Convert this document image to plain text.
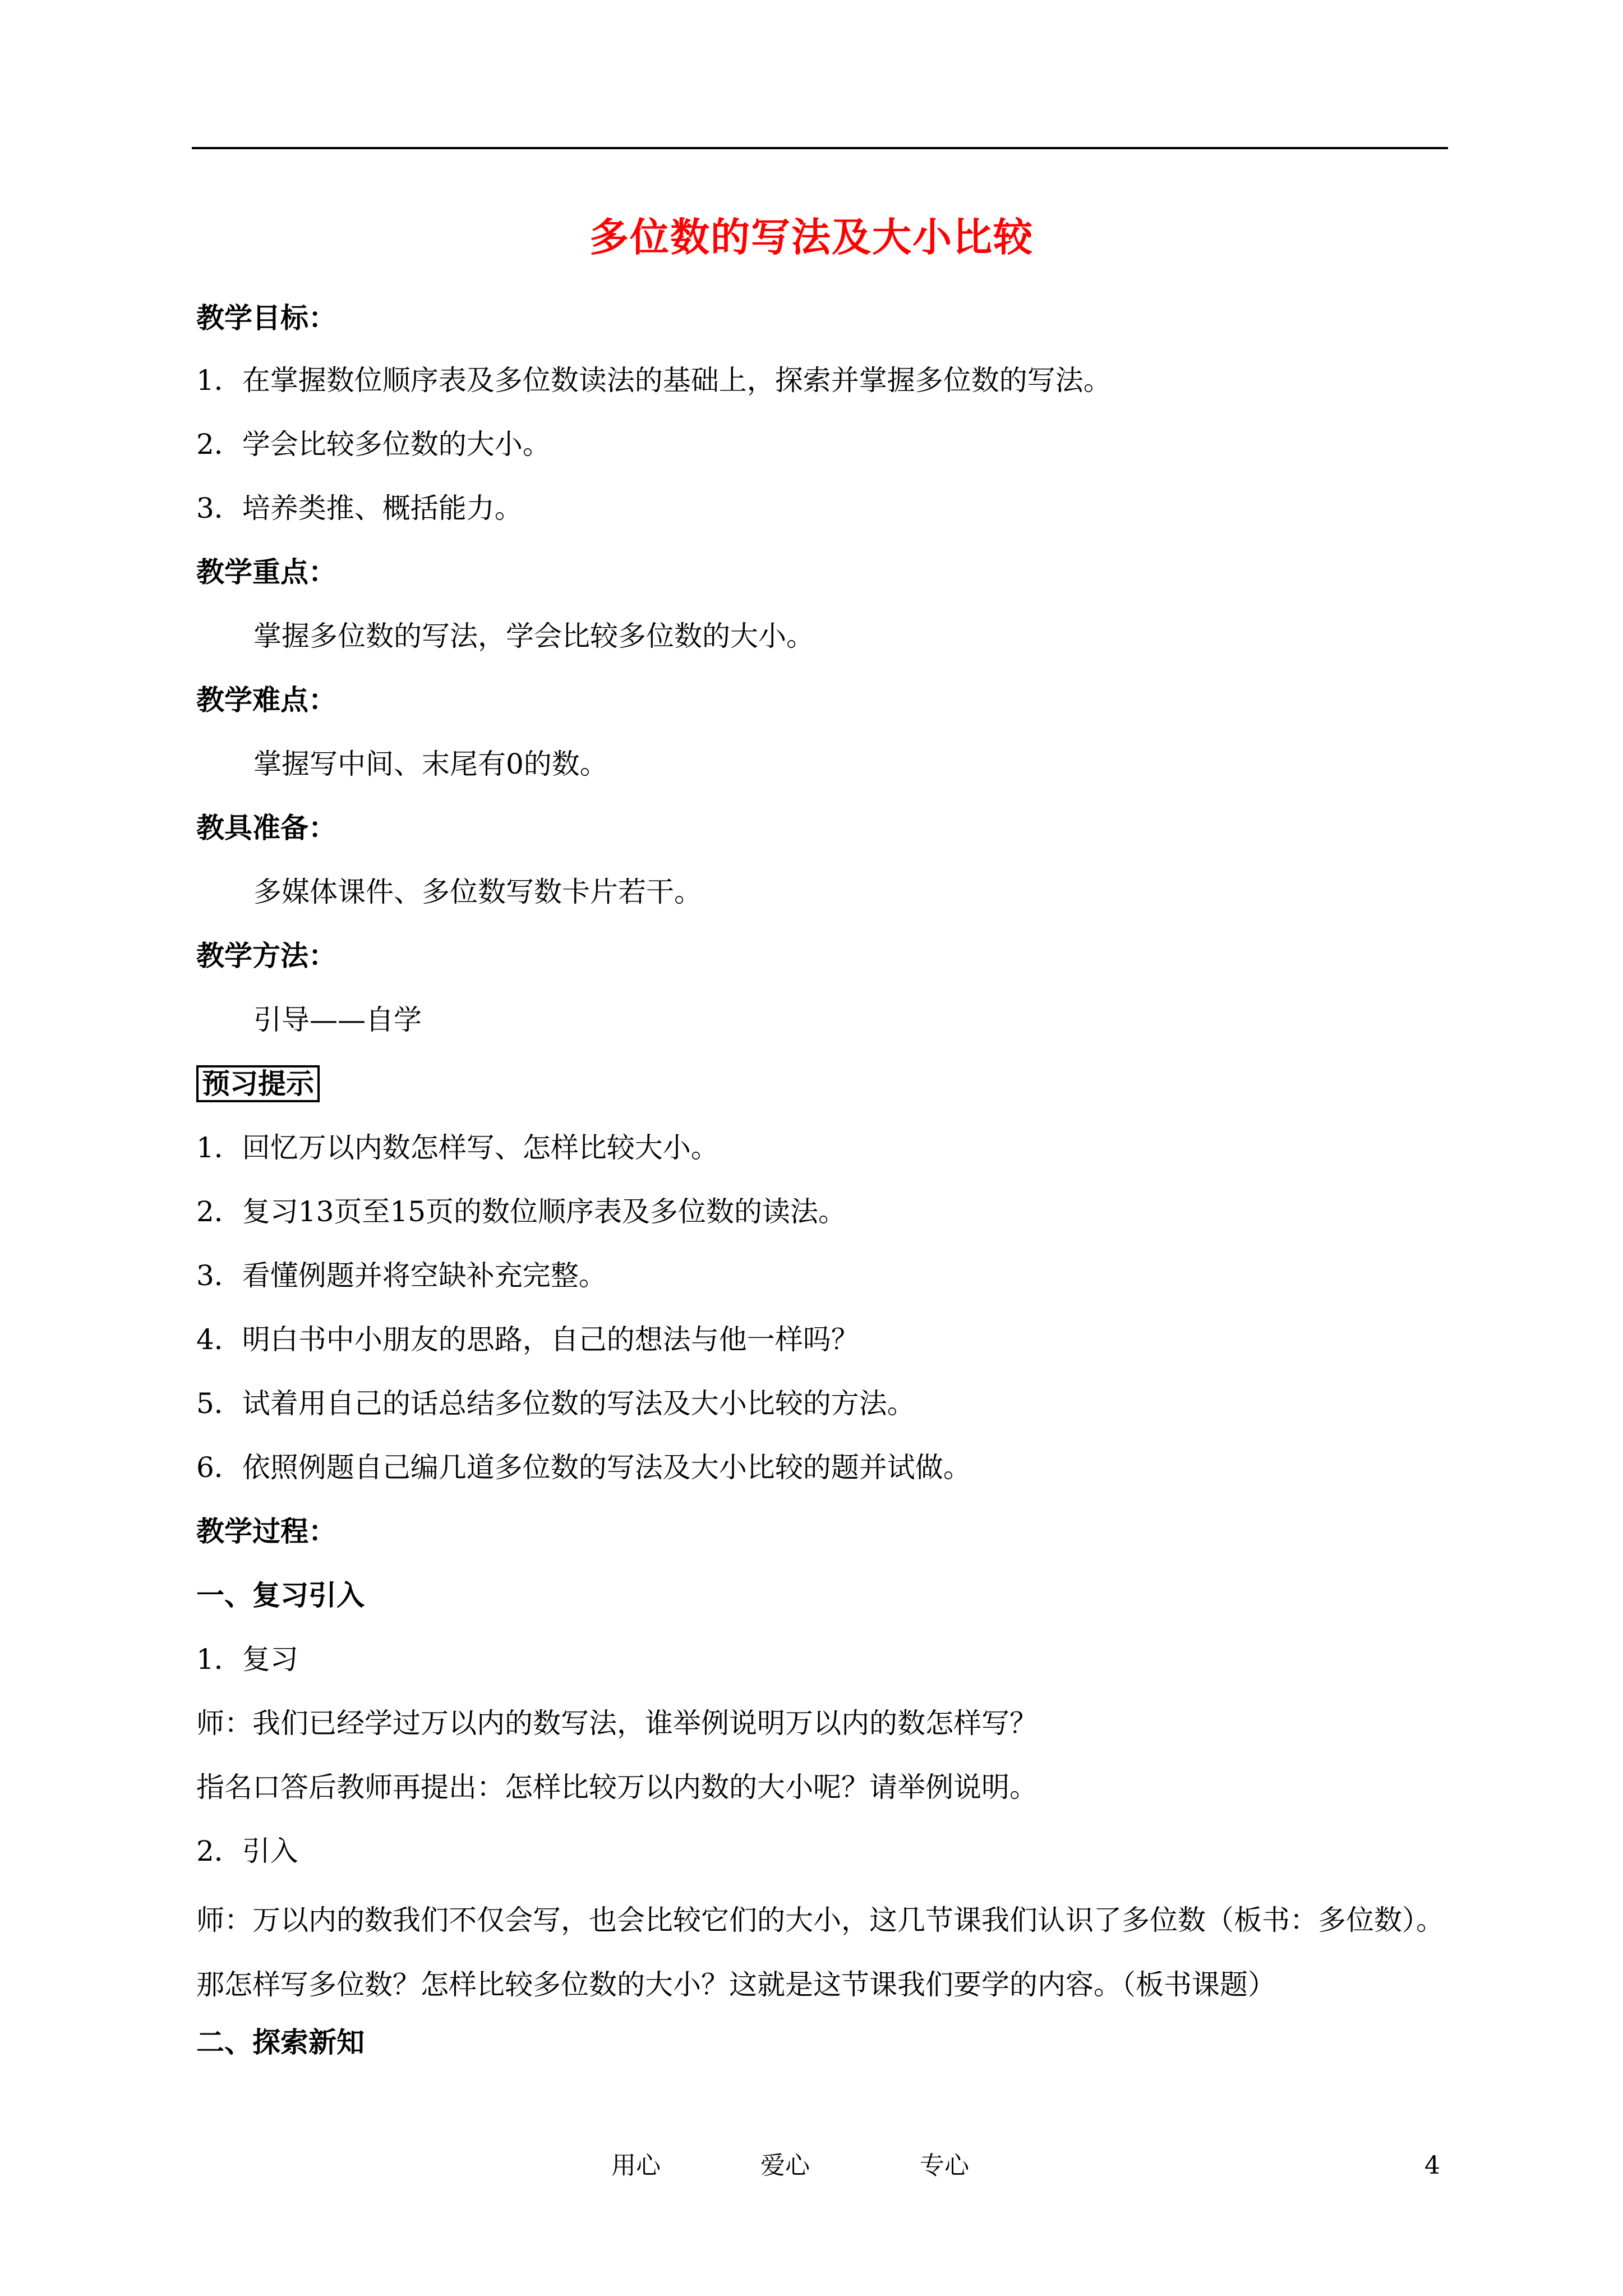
多位数的写法及大小比较
教学目标：
1．在掌握数位顺序表及多位数读法的基础上，探索并掌握多位数的写法。
2．学会比较多位数的大小。
3．培养类推、概括能力。
教学重点：
掌握多位数的写法，学会比较多位数的大小。
教学难点：
掌握写中间、末尾有0的数。
教具准备：
多媒体课件、多位数写数卡片若干。
教学方法：
引导——自学
预习提示
1．回忆万以内数怎样写、怎样比较大小。
2．复习13页至15页的数位顺序表及多位数的读法。
3．看懂例题并将空缺补充完整。
4．明白书中小朋友的思路，自己的想法与他一样吗？
5．试着用自己的话总结多位数的写法及大小比较的方法。
6．依照例题自己编几道多位数的写法及大小比较的题并试做。
教学过程：
一、复习引入
1．复习
师：我们已经学过万以内的数写法，谁举例说明万以内的数怎样写？
指名口答后教师再提出：怎样比较万以内数的大小呢？请举例说明。
2．引入
师：万以内的数我们不仅会写，也会比较它们的大小，这几节课我们认识了多位数（板书：多位数）。那怎样写多位数？怎样比较多位数的大小？这就是这节课我们要学的内容。（板书课题）
二、探索新知
用心	爱心	专心	4
